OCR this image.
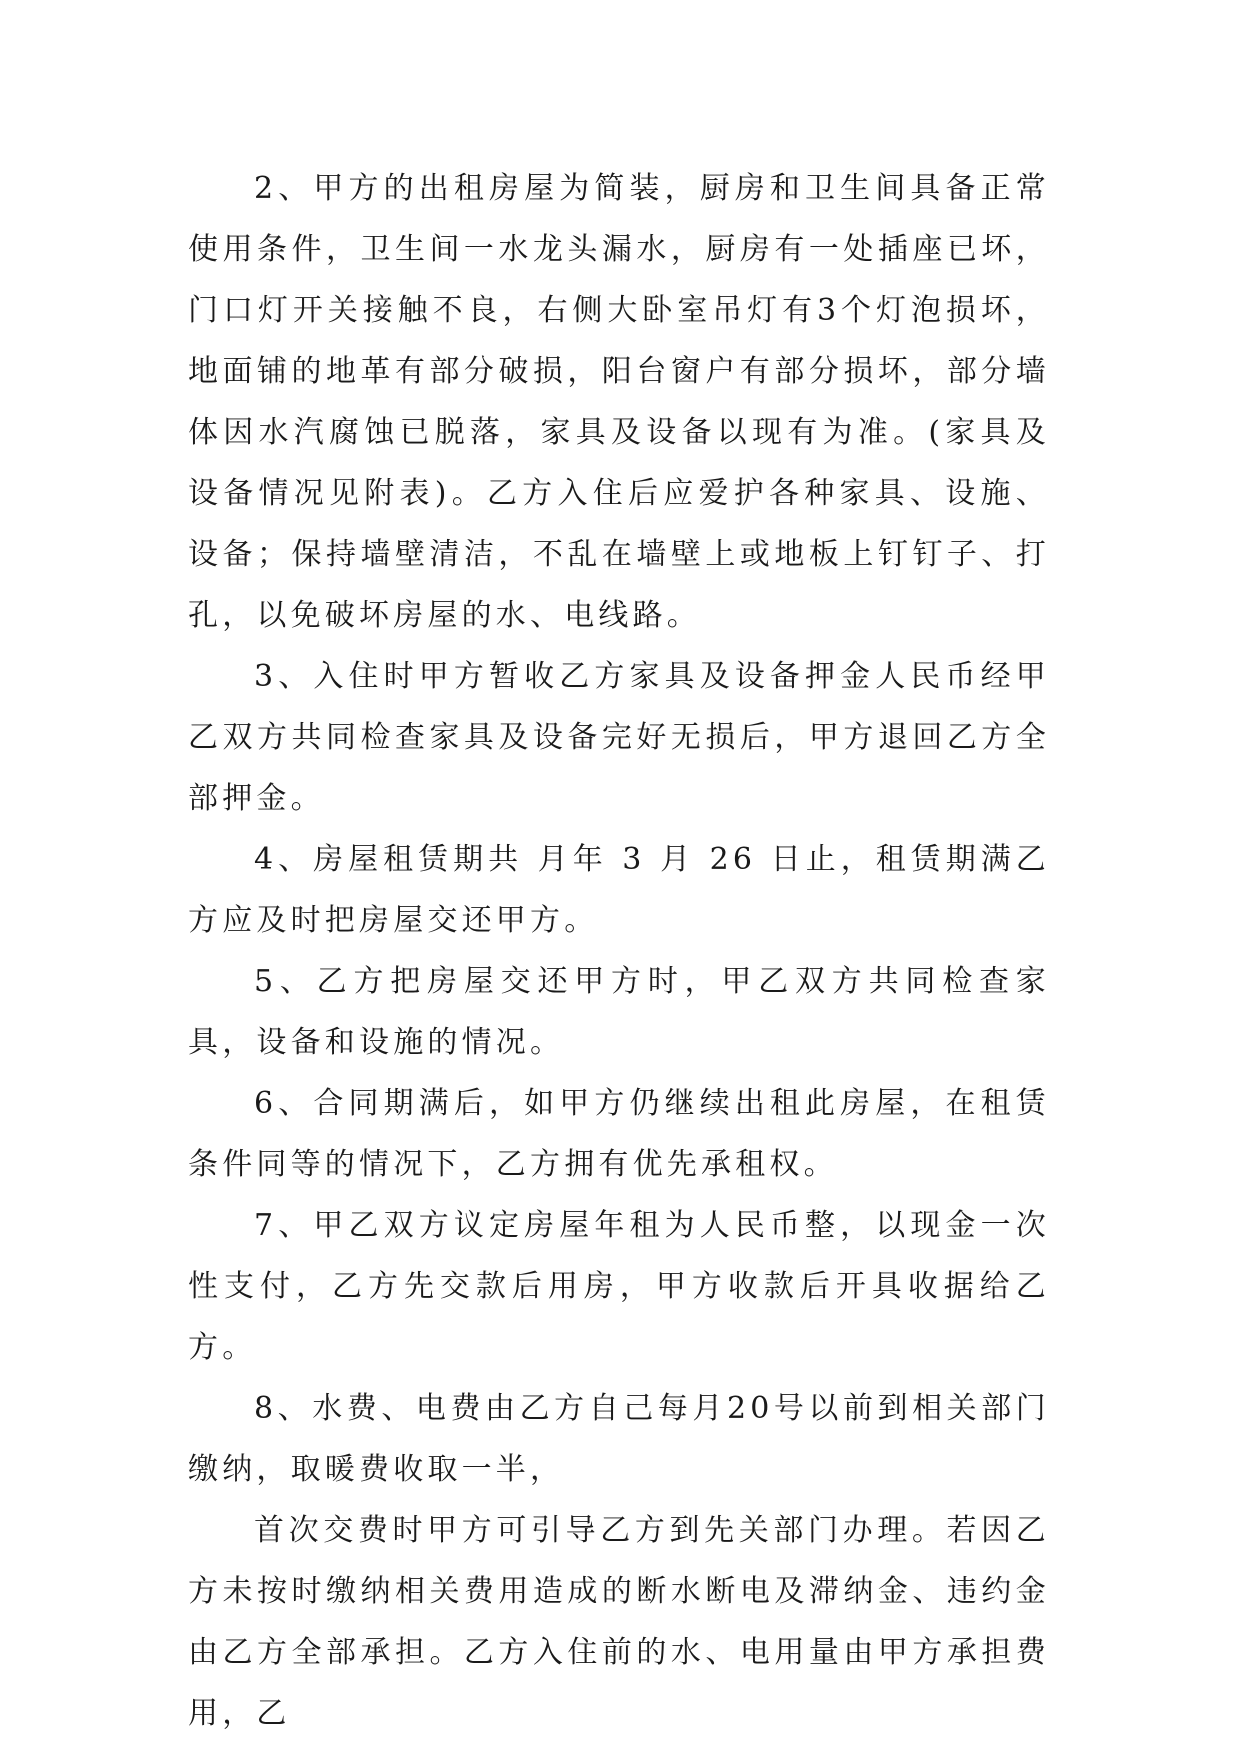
2、甲方的出租房屋为简装，厨房和卫生间具备正常使用条件，卫生间一水龙头漏水，厨房有一处插座已坏，门口灯开关接触不良，右侧大卧室吊灯有3个灯泡损坏，地面铺的地革有部分破损，阳台窗户有部分损坏，部分墙体因水汽腐蚀已脱落，家具及设备以现有为准。(家具及设备情况见附表)。乙方入住后应爱护各种家具、设施、设备；保持墙壁清洁，不乱在墙壁上或地板上钉钉子、打孔，以免破坏房屋的水、电线路。

3、入住时甲方暂收乙方家具及设备押金人民币经甲乙双方共同检查家具及设备完好无损后，甲方退回乙方全部押金。

4、房屋租赁期共 月年 3 月 26 日止，租赁期满乙方应及时把房屋交还甲方。

5、乙方把房屋交还甲方时，甲乙双方共同检查家具，设备和设施的情况。

6、合同期满后，如甲方仍继续出租此房屋，在租赁条件同等的情况下，乙方拥有优先承租权。

7、甲乙双方议定房屋年租为人民币整，以现金一次性支付，乙方先交款后用房，甲方收款后开具收据给乙方。

8、水费、电费由乙方自己每月20号以前到相关部门缴纳，取暖费收取一半，

首次交费时甲方可引导乙方到先关部门办理。若因乙方未按时缴纳相关费用造成的断水断电及滞纳金、违约金由乙方全部承担。乙方入住前的水、电用量由甲方承担费用，乙
